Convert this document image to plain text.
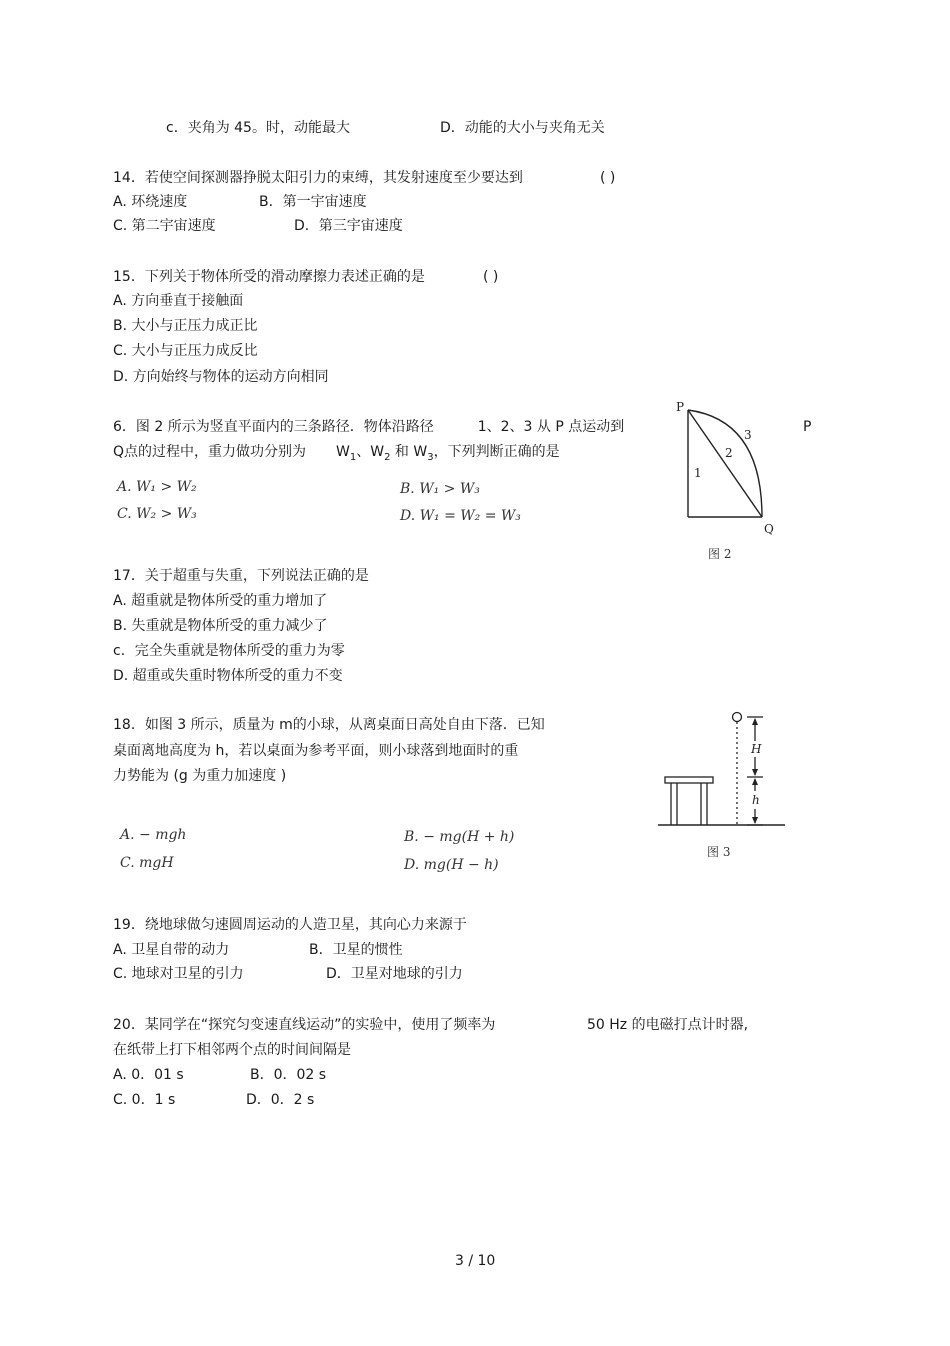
c．夹角为 45。时，动能最大	D．动能的大小与夹角无关
14．若使空间探测器挣脱太阳引力的束缚，其发射速度至少要达到	( )
A. 环绕速度	B．第一宇宙速度
C. 第二宇宙速度	D．第三宇宙速度
15．下列关于物体所受的滑动摩擦力表述正确的是	( )
A. 方向垂直于接触面
B. 大小与正压力成正比
C. 大小与正压力成反比
D. 方向始终与物体的运动方向相同
6．图 2 所示为竖直平面内的三条路径．物体沿路径	1、2、3 从 P 点运动到	P
Q点的过程中，重力做功分别为 $W_1$、$W_2$ 和 $W_3$，下列判断正确的是
A. W₁ > W₂	B. W₁ > W₃
C. W₂ > W₃	D. W₁ = W₂ = W₃
P
Q
1
2
3
图 2
17．关于超重与失重，下列说法正确的是
A. 超重就是物体所受的重力增加了
B. 失重就是物体所受的重力减少了
c．完全失重就是物体所受的重力为零
D. 超重或失重时物体所受的重力不变
18．如图 3 所示，质量为 m的小球，从离桌面日高处自由下落．已知
桌面离地高度为 h，若以桌面为参考平面，则小球落到地面时的重
力势能为 (g 为重力加速度 )
A. − mgh	B. − mg(H + h)
C. mgH	D. mg(H − h)
H
h
图 3
19．绕地球做匀速圆周运动的人造卫星，其向心力来源于
A. 卫星自带的动力	B．卫星的惯性
C. 地球对卫星的引力	D．卫星对地球的引力
20．某同学在“探究匀变速直线运动”的实验中，使用了频率为	50 Hz 的电磁打点计时器,
在纸带上打下相邻两个点的时间间隔是
A. 0．01 s	B．0．02 s
C. 0．1 s	D．0．2 s
3 / 10
